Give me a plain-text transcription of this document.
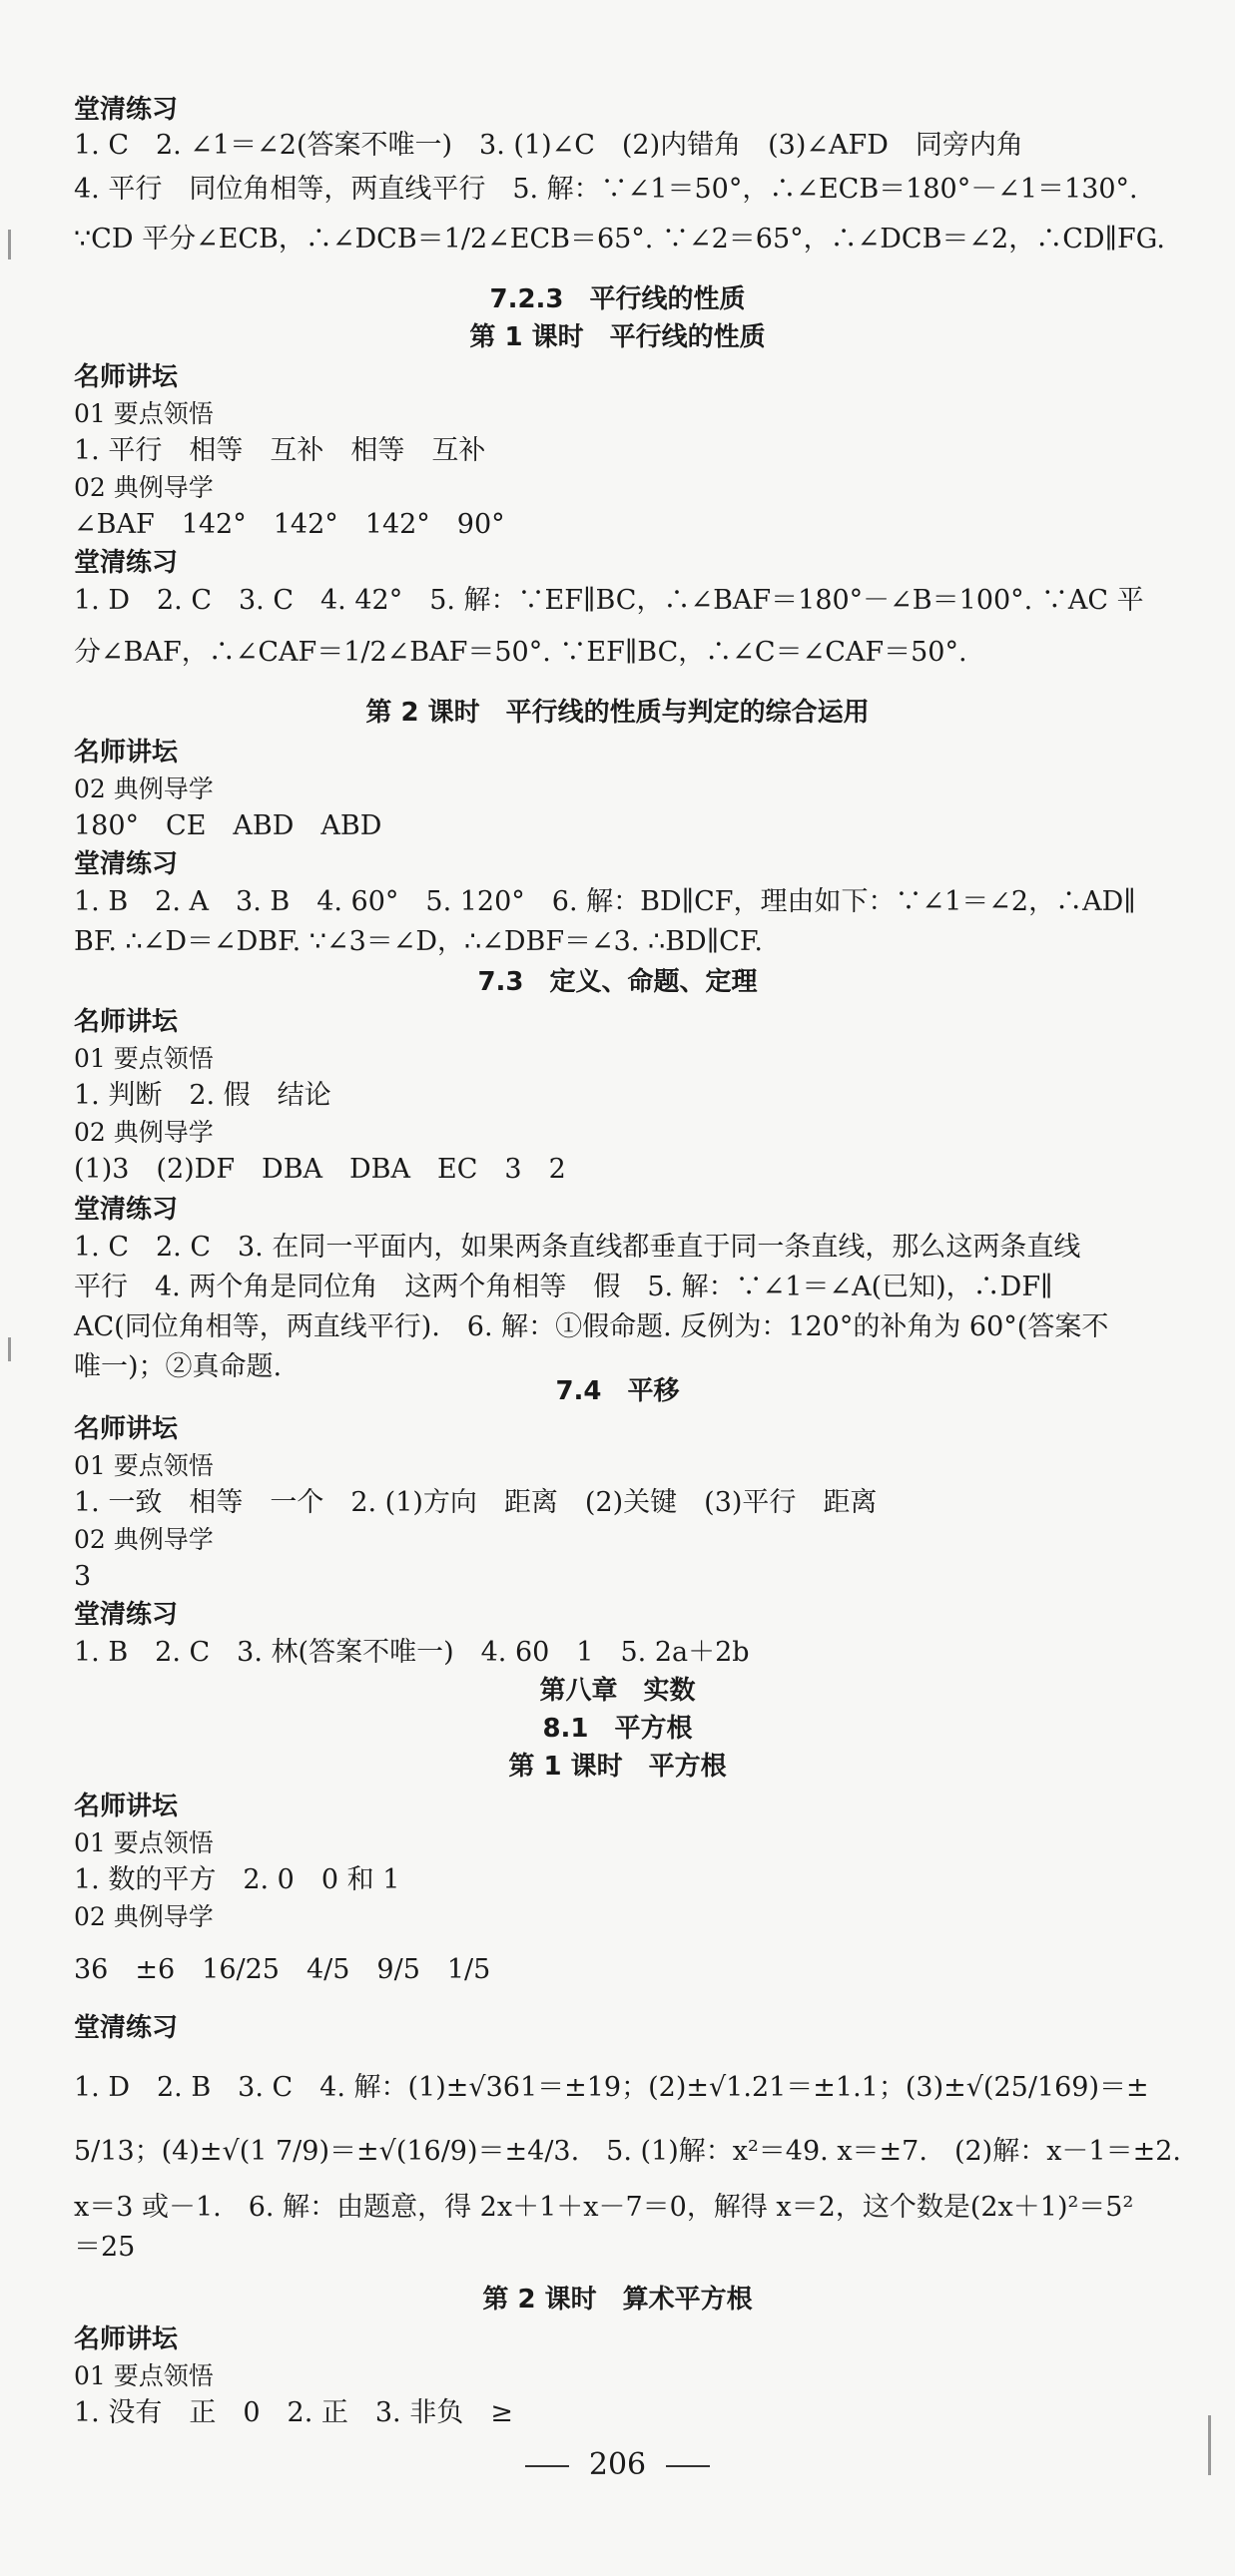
堂清练习
1. C　2. ∠1＝∠2(答案不唯一)　3. (1)∠C　(2)内错角　(3)∠AFD　同旁内角
4. 平行　同位角相等，两直线平行　5. 解：∵∠1＝50°，∴∠ECB＝180°－∠1＝130°.
∵CD 平分∠ECB，∴∠DCB＝1/2∠ECB＝65°. ∵∠2＝65°，∴∠DCB＝∠2，∴CD∥FG.
7.2.3　平行线的性质
第 1 课时　平行线的性质
名师讲坛
01 要点领悟
1. 平行　相等　互补　相等　互补
02 典例导学
∠BAF　142°　142°　142°　90°
堂清练习
1. D　2. C　3. C　4. 42°　5. 解：∵EF∥BC，∴∠BAF＝180°－∠B＝100°. ∵AC 平
分∠BAF，∴∠CAF＝1/2∠BAF＝50°. ∵EF∥BC，∴∠C＝∠CAF＝50°.
第 2 课时　平行线的性质与判定的综合运用
名师讲坛
02 典例导学
180°　CE　ABD　ABD
堂清练习
1. B　2. A　3. B　4. 60°　5. 120°　6. 解：BD∥CF，理由如下：∵∠1＝∠2，∴AD∥
BF. ∴∠D＝∠DBF. ∵∠3＝∠D，∴∠DBF＝∠3. ∴BD∥CF.
7.3　定义、命题、定理
名师讲坛
01 要点领悟
1. 判断　2. 假　结论
02 典例导学
(1)3　(2)DF　DBA　DBA　EC　3　2
堂清练习
1. C　2. C　3. 在同一平面内，如果两条直线都垂直于同一条直线，那么这两条直线
平行　4. 两个角是同位角　这两个角相等　假　5. 解：∵∠1＝∠A(已知)，∴DF∥
AC(同位角相等，两直线平行).　6. 解：①假命题. 反例为：120°的补角为 60°(答案不
唯一)；②真命题.
7.4　平移
名师讲坛
01 要点领悟
1. 一致　相等　一个　2. (1)方向　距离　(2)关键　(3)平行　距离
02 典例导学
3
堂清练习
1. B　2. C　3. 林(答案不唯一)　4. 60　1　5. 2a＋2b
第八章　实数
8.1　平方根
第 1 课时　平方根
名师讲坛
01 要点领悟
1. 数的平方　2. 0　0 和 1
02 典例导学
36　±6　16/25　4/5　9/5　1/5
堂清练习
1. D　2. B　3. C　4. 解：(1)±√361＝±19；(2)±√1.21＝±1.1；(3)±√(25/169)＝±
5/13；(4)±√(1 7/9)＝±√(16/9)＝±4/3.　5. (1)解：x²＝49. x＝±7.　(2)解：x－1＝±2.
x＝3 或－1.　6. 解：由题意，得 2x＋1＋x－7＝0，解得 x＝2，这个数是(2x＋1)²＝5²
＝25
第 2 课时　算术平方根
名师讲坛
01 要点领悟
1. 没有　正　0　2. 正　3. 非负　≥
206
